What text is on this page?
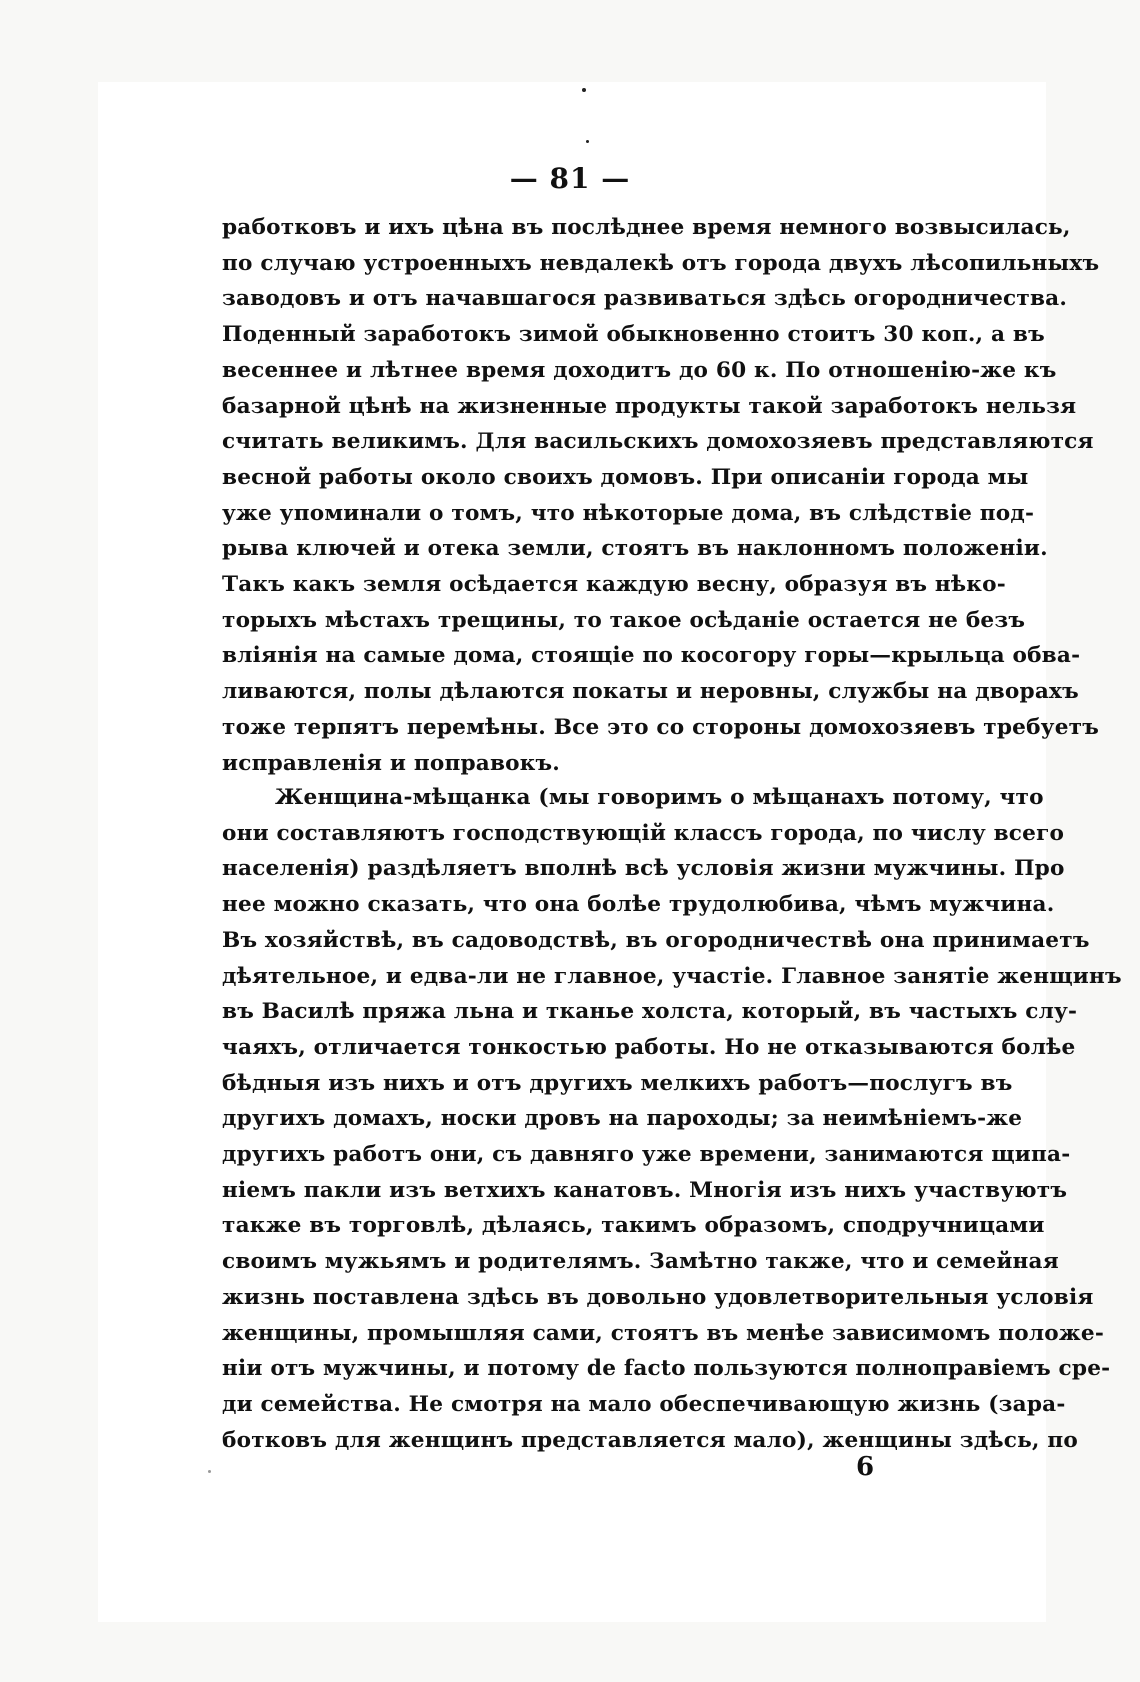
— 81 —
работковъ и ихъ цѣна въ послѣднее время немного возвысилась,
по случаю устроенныхъ невдалекѣ отъ города двухъ лѣсопильныхъ
заводовъ и отъ начавшагося развиваться здѣсь огородничества.
Поденный заработокъ зимой обыкновенно стоитъ 30 коп., а въ
весеннее и лѣтнее время доходитъ до 60 к. По отношенію-же къ
базарной цѣнѣ на жизненные продукты такой заработокъ нельзя
считать великимъ. Для васильскихъ домохозяевъ представляются
весной работы около своихъ домовъ. При описаніи города мы
уже упоминали о томъ, что нѣкоторые дома, въ слѣдствіе под-
рыва ключей и отека земли, стоятъ въ наклонномъ положеніи.
Такъ какъ земля осѣдается каждую весну, образуя въ нѣко-
торыхъ мѣстахъ трещины, то такое осѣданіе остается не безъ
вліянія на самые дома, стоящіе по косогору горы—крыльца обва-
ливаются, полы дѣлаются покаты и неровны, службы на дворахъ
тоже терпятъ перемѣны. Все это со стороны домохозяевъ требуетъ
исправленія и поправокъ.
Женщина-мѣщанка (мы говоримъ о мѣщанахъ потому, что
они составляютъ господствующій классъ города, по числу всего
населенія) раздѣляетъ вполнѣ всѣ условія жизни мужчины. Про
нее можно сказать, что она болѣе трудолюбива, чѣмъ мужчина.
Въ хозяйствѣ, въ садоводствѣ, въ огородничествѣ она принимаетъ
дѣятельное, и едва-ли не главное, участіе. Главное занятіе женщинъ
въ Василѣ пряжа льна и тканье холста, который, въ частыхъ слу-
чаяхъ, отличается тонкостью работы. Но не отказываются болѣе
бѣдныя изъ нихъ и отъ другихъ мелкихъ работъ—послугъ въ
другихъ домахъ, носки дровъ на пароходы; за неимѣніемъ-же
другихъ работъ они, съ давняго уже времени, занимаются щипа-
ніемъ пакли изъ ветхихъ канатовъ. Многія изъ нихъ участвуютъ
также въ торговлѣ, дѣлаясь, такимъ образомъ, сподручницами
своимъ мужьямъ и родителямъ. Замѣтно также, что и семейная
жизнь поставлена здѣсь въ довольно удовлетворительныя условія
женщины, промышляя сами, стоятъ въ менѣе зависимомъ положе-
ніи отъ мужчины, и потому de facto пользуются полноправіемъ сре-
ди семейства. Не смотря на мало обеспечивающую жизнь (зара-
ботковъ для женщинъ представляется мало), женщины здѣсь, по
6
